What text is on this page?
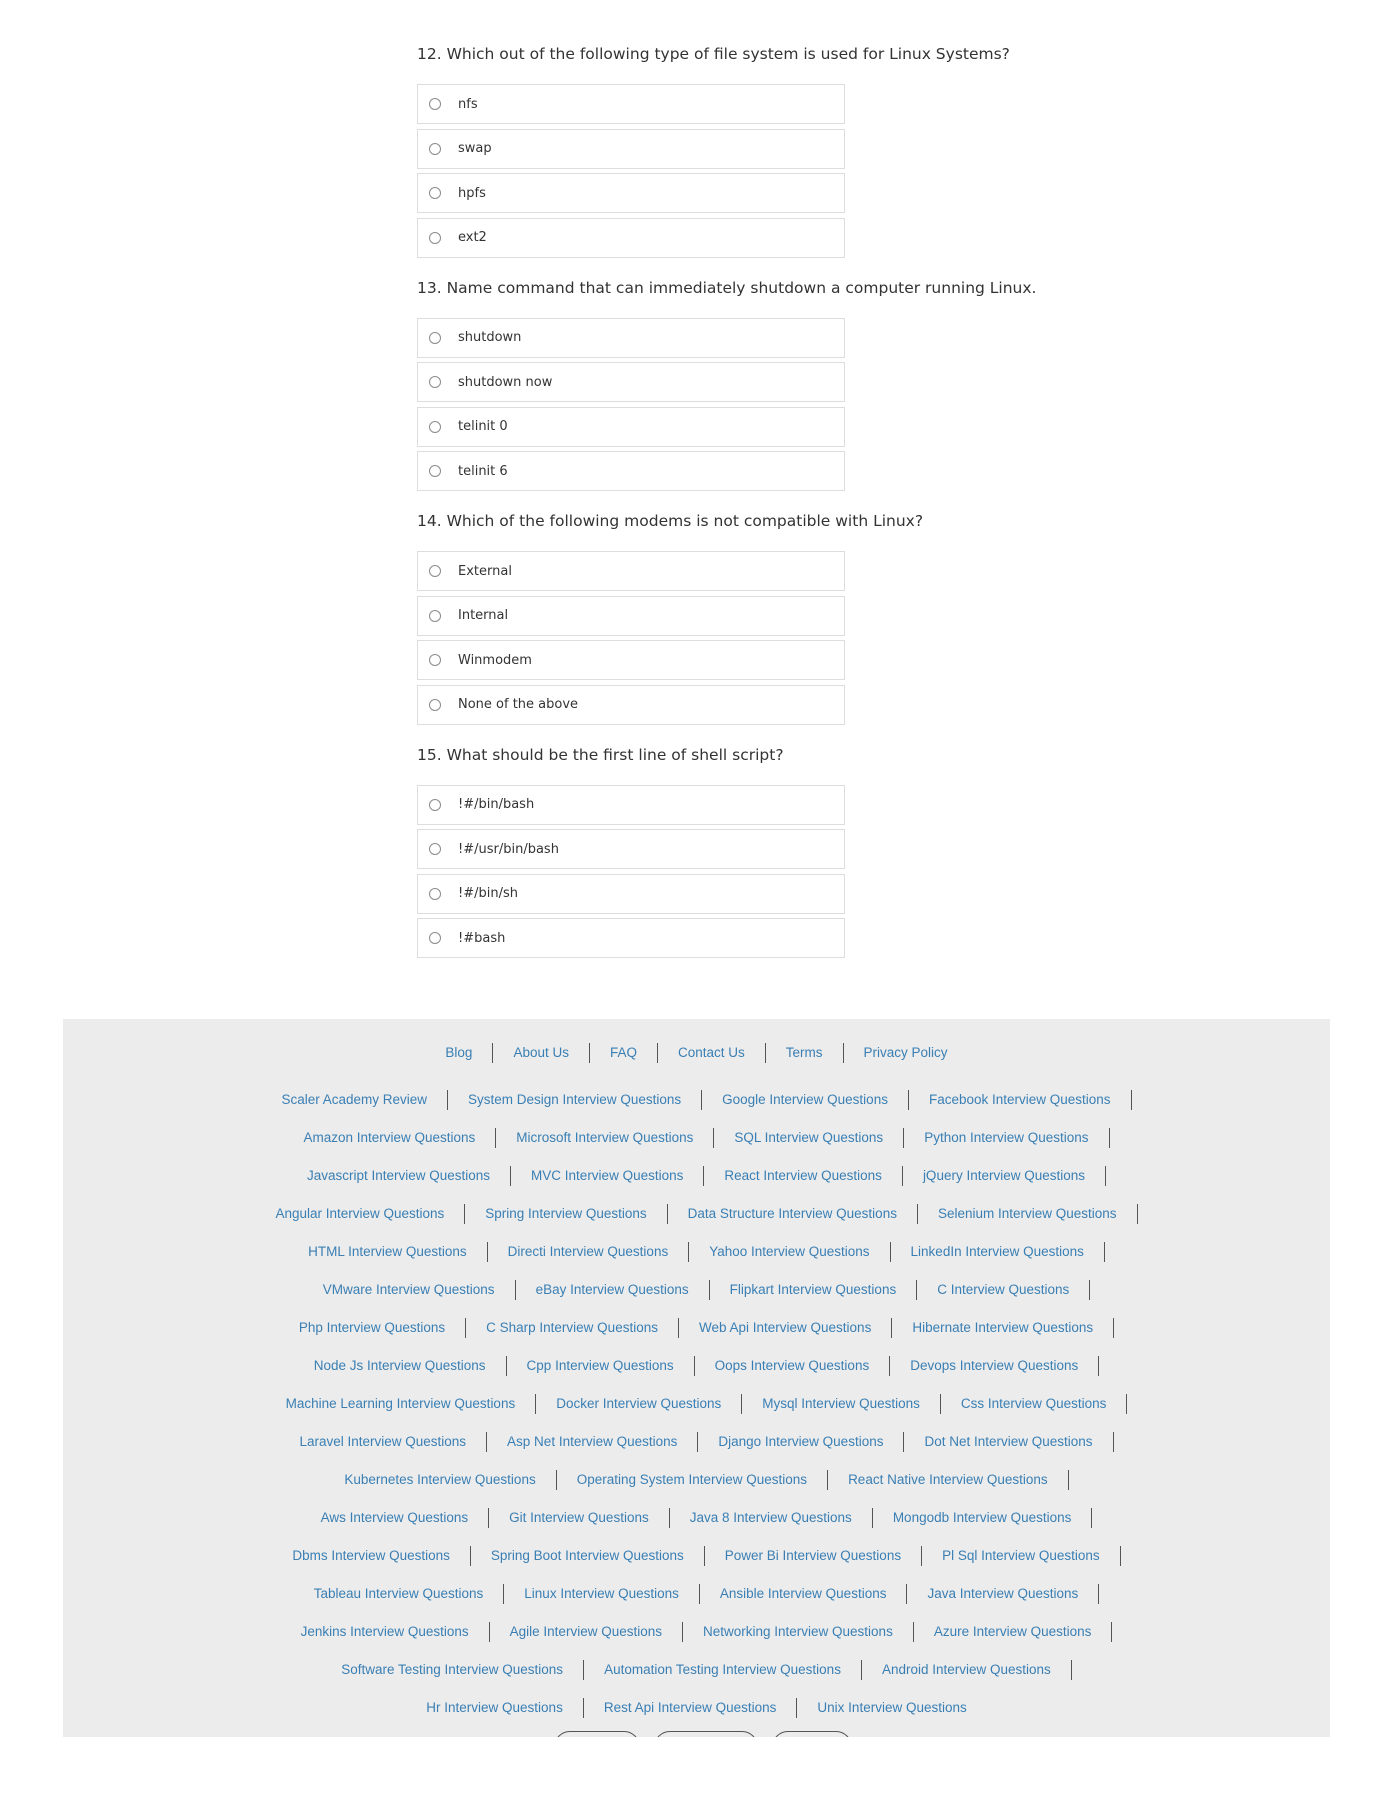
12. Which out of the following type of file system is used for Linux Systems?
nfs
swap
hpfs
ext2
13. Name command that can immediately shutdown a computer running Linux.
shutdown
shutdown now
telinit 0
telinit 6
14. Which of the following modems is not compatible with Linux?
External
Internal
Winmodem
None of the above
15. What should be the first line of shell script?
!#/bin/bash
!#/usr/bin/bash
!#/bin/sh
!#bash
Blog	About Us	FAQ	Contact Us	Terms	Privacy Policy
Scaler Academy Review	System Design Interview Questions	Google Interview Questions	Facebook Interview Questions
Amazon Interview Questions	Microsoft Interview Questions	SQL Interview Questions	Python Interview Questions
Javascript Interview Questions	MVC Interview Questions	React Interview Questions	jQuery Interview Questions
Angular Interview Questions	Spring Interview Questions	Data Structure Interview Questions	Selenium Interview Questions
HTML Interview Questions	Directi Interview Questions	Yahoo Interview Questions	LinkedIn Interview Questions
VMware Interview Questions	eBay Interview Questions	Flipkart Interview Questions	C Interview Questions
Php Interview Questions	C Sharp Interview Questions	Web Api Interview Questions	Hibernate Interview Questions
Node Js Interview Questions	Cpp Interview Questions	Oops Interview Questions	Devops Interview Questions
Machine Learning Interview Questions	Docker Interview Questions	Mysql Interview Questions	Css Interview Questions
Laravel Interview Questions	Asp Net Interview Questions	Django Interview Questions	Dot Net Interview Questions
Kubernetes Interview Questions	Operating System Interview Questions	React Native Interview Questions
Aws Interview Questions	Git Interview Questions	Java 8 Interview Questions	Mongodb Interview Questions
Dbms Interview Questions	Spring Boot Interview Questions	Power Bi Interview Questions	Pl Sql Interview Questions
Tableau Interview Questions	Linux Interview Questions	Ansible Interview Questions	Java Interview Questions
Jenkins Interview Questions	Agile Interview Questions	Networking Interview Questions	Azure Interview Questions
Software Testing Interview Questions	Automation Testing Interview Questions	Android Interview Questions
Hr Interview Questions	Rest Api Interview Questions	Unix Interview Questions
